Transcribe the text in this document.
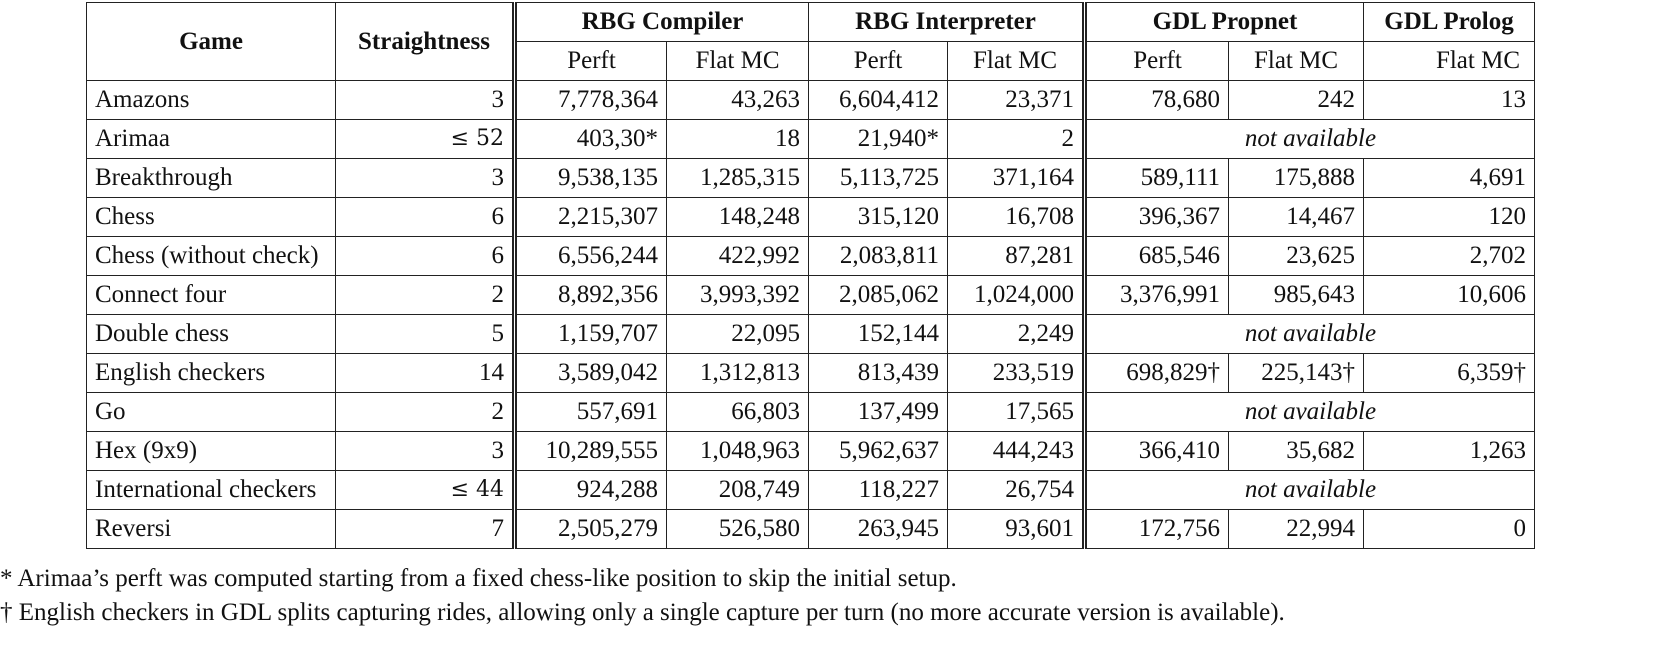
Game	Straightness	RBG Compiler		RBG Interpreter		GDL Propnet		GDL Prolog
		Perft	Flat MC	Perft	Flat MC	Perft	Flat MC	Flat MC
Amazons	3	7,778,364	43,263	6,604,412	23,371	78,680	242	13
Arimaa	≤ 52	403,30*	18	21,940*	2	not available		
Breakthrough	3	9,538,135	1,285,315	5,113,725	371,164	589,111	175,888	4,691
Chess	6	2,215,307	148,248	315,120	16,708	396,367	14,467	120
Chess (without check)	6	6,556,244	422,992	2,083,811	87,281	685,546	23,625	2,702
Connect four	2	8,892,356	3,993,392	2,085,062	1,024,000	3,376,991	985,643	10,606
Double chess	5	1,159,707	22,095	152,144	2,249	not available		
English checkers	14	3,589,042	1,312,813	813,439	233,519	698,829†	225,143†	6,359†
Go	2	557,691	66,803	137,499	17,565	not available		
Hex (9x9)	3	10,289,555	1,048,963	5,962,637	444,243	366,410	35,682	1,263
International checkers	≤ 44	924,288	208,749	118,227	26,754	not available		
Reversi	7	2,505,279	526,580	263,945	93,601	172,756	22,994	0
* Arimaa’s perft was computed starting from a fixed chess-like position to skip the initial setup.
† English checkers in GDL splits capturing rides, allowing only a single capture per turn (no more accurate version is available).
